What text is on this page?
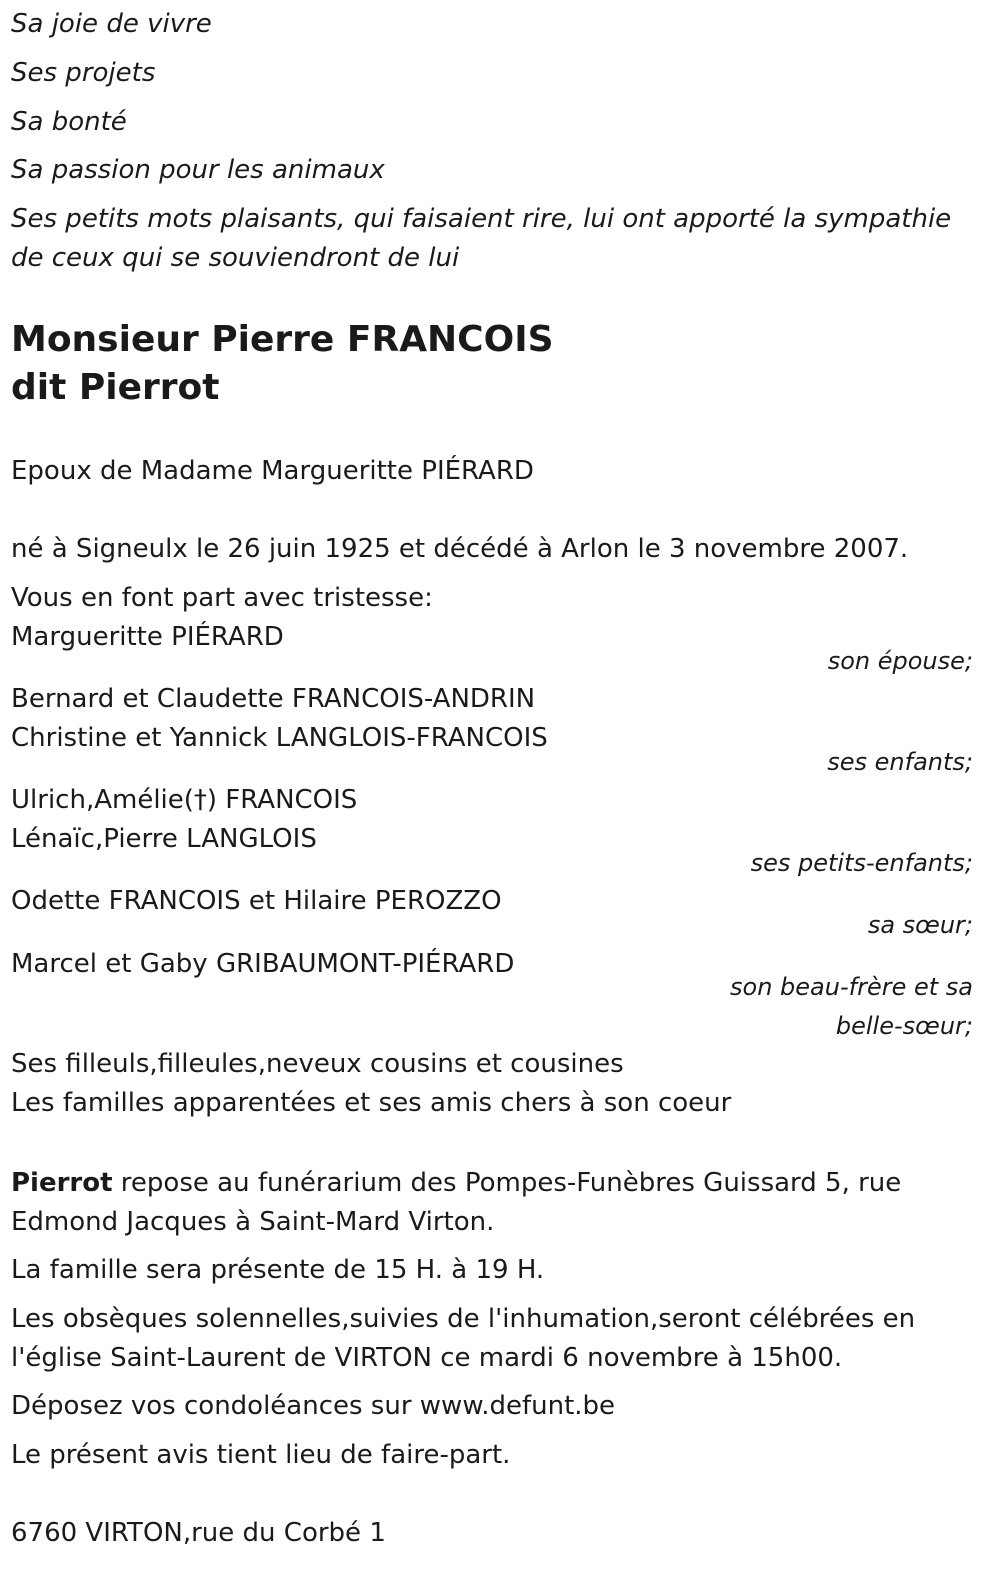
Sa joie de vivre

Ses projets

Sa bonté

Sa passion pour les animaux

Ses petits mots plaisants, qui faisaient rire, lui ont apporté la sympathie de ceux qui se souviendront de lui

Monsieur Pierre FRANCOIS
dit Pierrot

Epoux de Madame Margueritte PIÉRARD

né à Signeulx le 26 juin 1925 et décédé à Arlon le 3 novembre 2007.

Vous en font part avec tristesse:

Margueritte PIÉRARD

son épouse;

Bernard et Claudette FRANCOIS-ANDRIN

Christine et Yannick LANGLOIS-FRANCOIS

ses enfants;

Ulrich,Amélie(†) FRANCOIS

Lénaïc,Pierre LANGLOIS

ses petits-enfants;

Odette FRANCOIS et Hilaire PEROZZO

sa sœur;

Marcel et Gaby GRIBAUMONT-PIÉRARD

son beau-frère et sa
belle-sœur;

Ses filleuls,filleules,neveux cousins et cousines

Les familles apparentées et ses amis chers à son coeur

Pierrot repose au funérarium des Pompes-Funèbres Guissard 5, rue Edmond Jacques à Saint-Mard Virton.

La famille sera présente de 15 H. à 19 H.

Les obsèques solennelles,suivies de l'inhumation,seront célébrées en l'église Saint-Laurent de VIRTON ce mardi 6 novembre à 15h00.

Déposez vos condoléances sur www.defunt.be

Le présent avis tient lieu de faire-part.

6760 VIRTON,rue du Corbé 1
